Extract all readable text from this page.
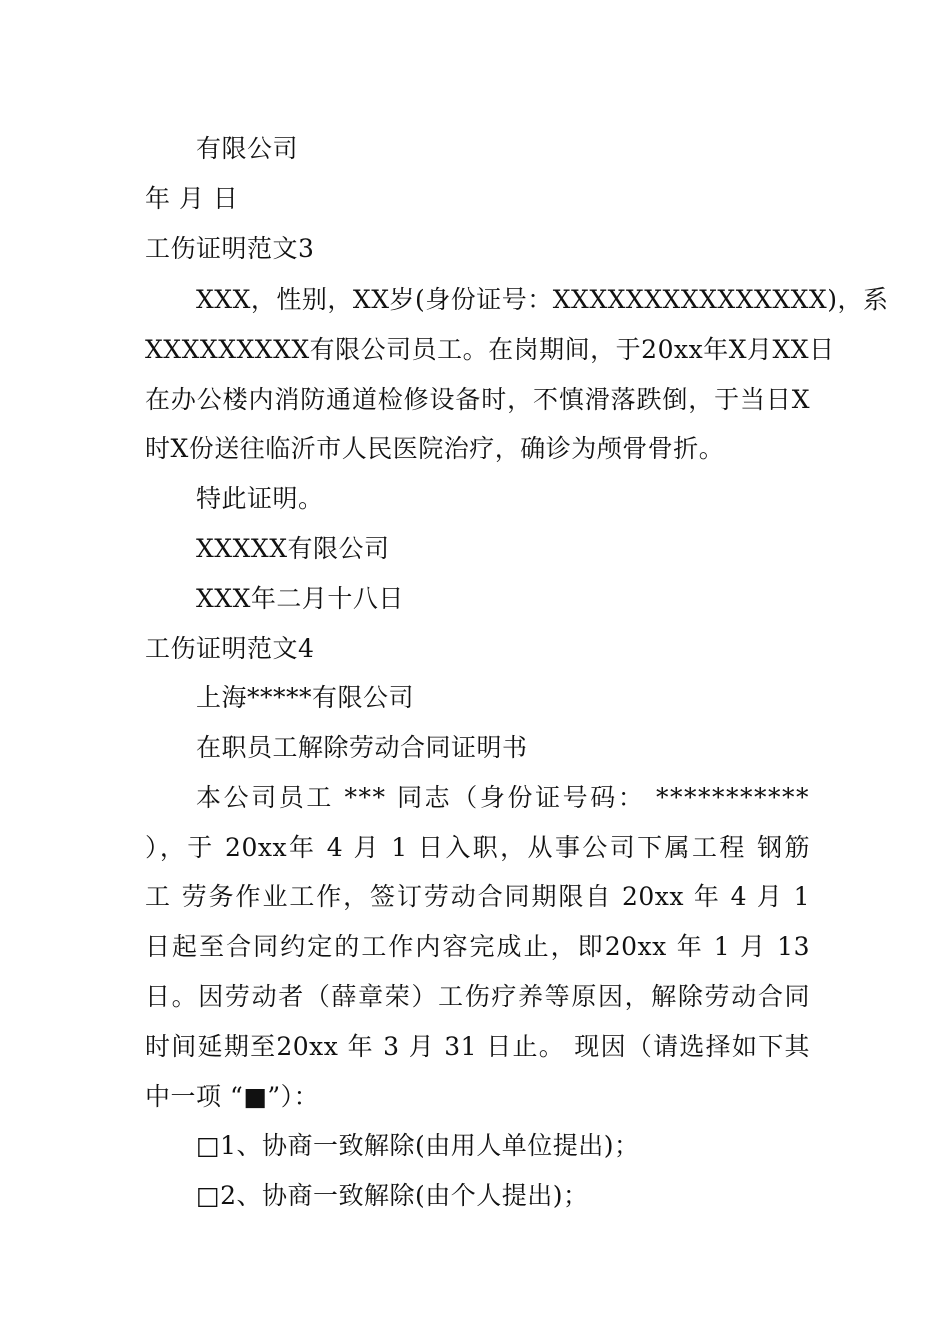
有限公司
年 月 日
工伤证明范文3
XXX，性别，XX岁(身份证号：XXXXXXXXXXXXXXX)，系
XXXXXXXXX有限公司员工。在岗期间，于20xx年X月XX日
在办公楼内消防通道检修设备时，不慎滑落跌倒，于当日X
时X份送往临沂市人民医院治疗，确诊为颅骨骨折。
特此证明。
XXXXX有限公司
XXX年二月十八日
工伤证明范文4
上海*****有限公司
在职员工解除劳动合同证明书
本公司员工 *** 同志（身份证号码： ***********
），于 20xx年 4 月 1 日入职，从事公司下属工程 钢筋
工 劳务作业工作，签订劳动合同期限自 20xx 年 4 月 1
日起至合同约定的工作内容完成止，即20xx 年 1 月 13
日。因劳动者（薛章荣）工伤疗养等原因，解除劳动合同
时间延期至20xx 年 3 月 31 日止。 现因（请选择如下其
中一项 “■”）：
□1、协商一致解除(由用人单位提出)；
□2、协商一致解除(由个人提出)；
